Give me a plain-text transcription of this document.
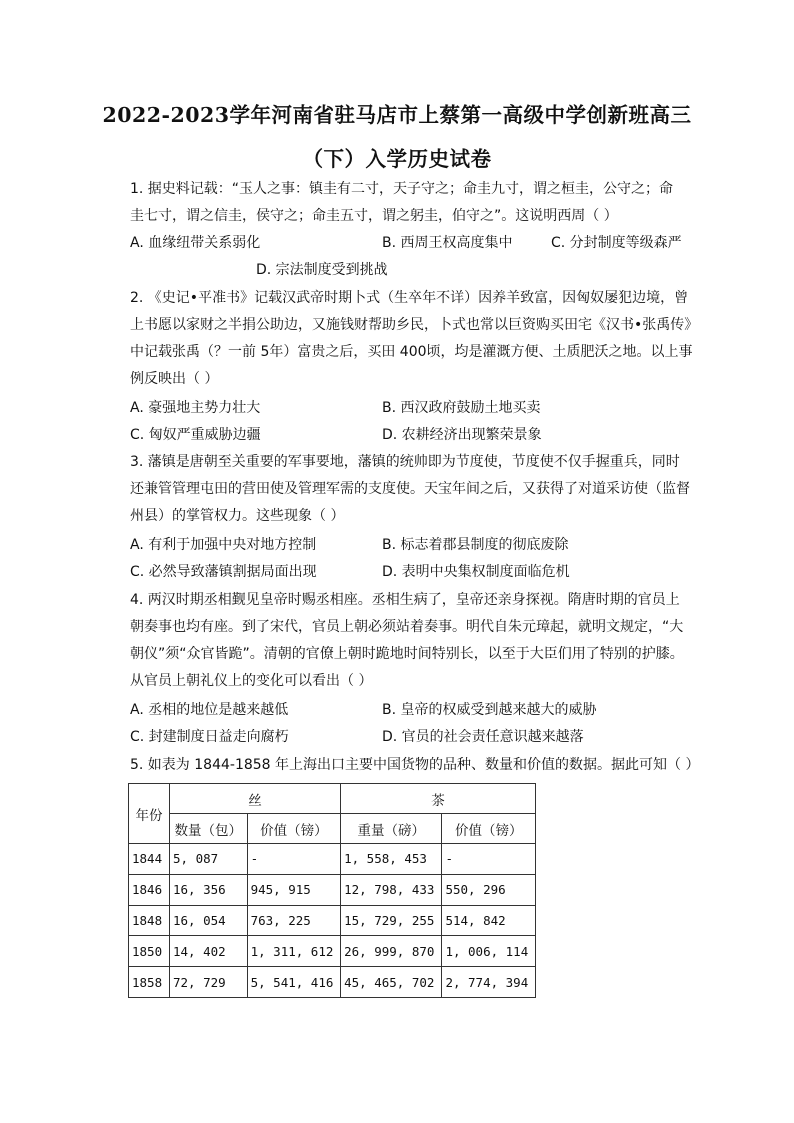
2022-2023学年河南省驻马店市上蔡第一高级中学创新班高三
（下）入学历史试卷
1. 据史料记载：“玉人之事：镇圭有二寸，天子守之；命圭九寸，谓之桓圭，公守之；命
圭七寸，谓之信圭，侯守之；命圭五寸，谓之躬圭，伯守之”。这说明西周（ ）
A. 血缘纽带关系弱化	B. 西周王权高度集中	C. 分封制度等级森严
D. 宗法制度受到挑战
2. 《史记•平准书》记载汉武帝时期卜式（生卒年不详）因养羊致富，因匈奴屡犯边境，曾
上书愿以家财之半捐公助边，又施钱财帮助乡民，卜式也常以巨资购买田宅《汉书•张禹传》
中记载张禹（？一前 5年）富贵之后，买田 400顷，均是灌溉方便、土质肥沃之地。以上事
例反映出（ ）
A. 豪强地主势力壮大	B. 西汉政府鼓励土地买卖
C. 匈奴严重威胁边疆	D. 农耕经济出现繁荣景象
3. 藩镇是唐朝至关重要的军事要地，藩镇的统帅即为节度使，节度使不仅手握重兵，同时
还兼管管理屯田的营田使及管理军需的支度使。天宝年间之后，又获得了对道采访使（监督
州县）的掌管权力。这些现象（ ）
A. 有利于加强中央对地方控制	B. 标志着郡县制度的彻底废除
C. 必然导致藩镇割据局面出现	D. 表明中央集权制度面临危机
4. 两汉时期丞相觐见皇帝时赐丞相座。丞相生病了，皇帝还亲身探视。隋唐时期的官员上
朝奏事也均有座。到了宋代，官员上朝必须站着奏事。明代自朱元璋起，就明文规定，“大
朝仪”须“众官皆跪”。清朝的官僚上朝时跪地时间特别长，以至于大臣们用了特别的护膝。
从官员上朝礼仪上的变化可以看出（ ）
A. 丞相的地位是越来越低	B. 皇帝的权威受到越来越大的威胁
C. 封建制度日益走向腐朽	D. 官员的社会责任意识越来越落
5. 如表为 1844-1858 年上海出口主要中国货物的品种、数量和价值的数据。据此可知（ ）
年份	丝		茶	
	数量（包）	价值（镑）	重量（磅）	价值（镑）
1844	5, 087	-	1, 558, 453	-
1846	16, 356	945, 915	12, 798, 433	550, 296
1848	16, 054	763, 225	15, 729, 255	514, 842
1850	14, 402	1, 311, 612	26, 999, 870	1, 006, 114
1858	72, 729	5, 541, 416	45, 465, 702	2, 774, 394
